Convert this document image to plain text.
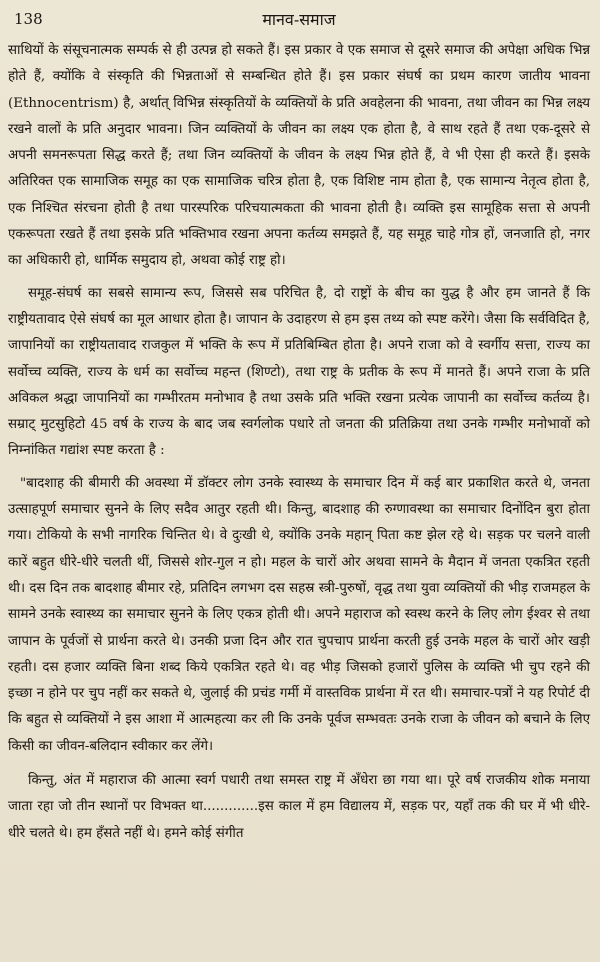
138	मानव-समाज

साथियों के संसूचनात्मक सम्पर्क से ही उत्पन्न हो सकते हैं। इस प्रकार वे एक समाज से दूसरे समाज की अपेक्षा अधिक भिन्न होते हैं, क्योंकि वे संस्कृति की भिन्नताओं से सम्बन्धित होते हैं। इस प्रकार संघर्ष का प्रथम कारण जातीय भावना (Ethnocentrism) है, अर्थात् विभिन्न संस्कृतियों के व्यक्तियों के प्रति अवहेलना की भावना, तथा जीवन का भिन्न लक्ष्य रखने वालों के प्रति अनुदार भावना। जिन व्यक्तियों के जीवन का लक्ष्य एक होता है, वे साथ रहते हैं तथा एक-दूसरे से अपनी समनरूपता सिद्ध करते हैं; तथा जिन व्यक्तियों के जीवन के लक्ष्य भिन्न होते हैं, वे भी ऐसा ही करते हैं। इसके अतिरिक्त एक सामाजिक समूह का एक सामाजिक चरित्र होता है, एक विशिष्ट नाम होता है, एक सामान्य नेतृत्व होता है, एक निश्चित संरचना होती है तथा पारस्परिक परिचयात्मकता की भावना होती है। व्यक्ति इस सामूहिक सत्ता से अपनी एकरूपता रखते हैं तथा इसके प्रति भक्तिभाव रखना अपना कर्तव्य समझते हैं, यह समूह चाहे गोत्र हों, जनजाति हो, नगर का अधिकारी हो, धार्मिक समुदाय हो, अथवा कोई राष्ट्र हो।

समूह-संघर्ष का सबसे सामान्य रूप, जिससे सब परिचित है, दो राष्ट्रों के बीच का युद्ध है और हम जानते हैं कि राष्ट्रीयतावाद ऐसे संघर्ष का मूल आधार होता है। जापान के उदाहरण से हम इस तथ्य को स्पष्ट करेंगे। जैसा कि सर्वविदित है, जापानियों का राष्ट्रीयतावाद राजकुल में भक्ति के रूप में प्रतिबिम्बित होता है। अपने राजा को वे स्वर्गीय सत्ता, राज्य का सर्वोच्च व्यक्ति, राज्य के धर्म का सर्वोच्च महन्त (शिण्टो), तथा राष्ट्र के प्रतीक के रूप में मानते हैं। अपने राजा के प्रति अविकल श्रद्धा जापानियों का गम्भीरतम मनोभाव है तथा उसके प्रति भक्ति रखना प्रत्येक जापानी का सर्वोच्च कर्तव्य है। सम्राट् मुटसुहिटो 45 वर्ष के राज्य के बाद जब स्वर्गलोक पधारे तो जनता की प्रतिक्रिया तथा उनके गम्भीर मनोभावों को निम्नांकित गद्यांश स्पष्ट करता है :

"बादशाह की बीमारी की अवस्था में डॉक्टर लोग उनके स्वास्थ्य के समाचार दिन में कई बार प्रकाशित करते थे, जनता उत्साहपूर्ण समाचार सुनने के लिए सदैव आतुर रहती थी। किन्तु, बादशाह की रुग्णावस्था का समाचार दिनोंदिन बुरा होता गया। टोकियो के सभी नागरिक चिन्तित थे। वे दुःखी थे, क्योंकि उनके महान् पिता कष्ट झेल रहे थे। सड़क पर चलने वाली कारें बहुत धीरे-धीरे चलती थीं, जिससे शोर-गुल न हो। महल के चारों ओर अथवा सामने के मैदान में जनता एकत्रित रहती थी। दस दिन तक बादशाह बीमार रहे, प्रतिदिन लगभग दस सहस्र स्त्री-पुरुषों, वृद्ध तथा युवा व्यक्तियों की भीड़ राजमहल के सामने उनके स्वास्थ्य का समाचार सुनने के लिए एकत्र होती थी। अपने महाराज को स्वस्थ करने के लिए लोग ईश्वर से तथा जापान के पूर्वजों से प्रार्थना करते थे। उनकी प्रजा दिन और रात चुपचाप प्रार्थना करती हुई उनके महल के चारों ओर खड़ी रहती। दस हजार व्यक्ति बिना शब्द किये एकत्रित रहते थे। वह भीड़ जिसको हजारों पुलिस के व्यक्ति भी चुप रहने की इच्छा न होने पर चुप नहीं कर सकते थे, जुलाई की प्रचंड गर्मी में वास्तविक प्रार्थना में रत थी। समाचार-पत्रों ने यह रिपोर्ट दी कि बहुत से व्यक्तियों ने इस आशा में आत्महत्या कर ली कि उनके पूर्वज सम्भवतः उनके राजा के जीवन को बचाने के लिए किसी का जीवन-बलिदान स्वीकार कर लेंगे।

किन्तु, अंत में महाराज की आत्मा स्वर्ग पधारी तथा समस्त राष्ट्र में अँधेरा छा गया था। पूरे वर्ष राजकीय शोक मनाया जाता रहा जो तीन स्थानों पर विभक्त था.............इस काल में हम विद्यालय में, सड़क पर, यहाँ तक की घर में भी धीरे-धीरे चलते थे। हम हँसते नहीं थे। हमने कोई संगीत
